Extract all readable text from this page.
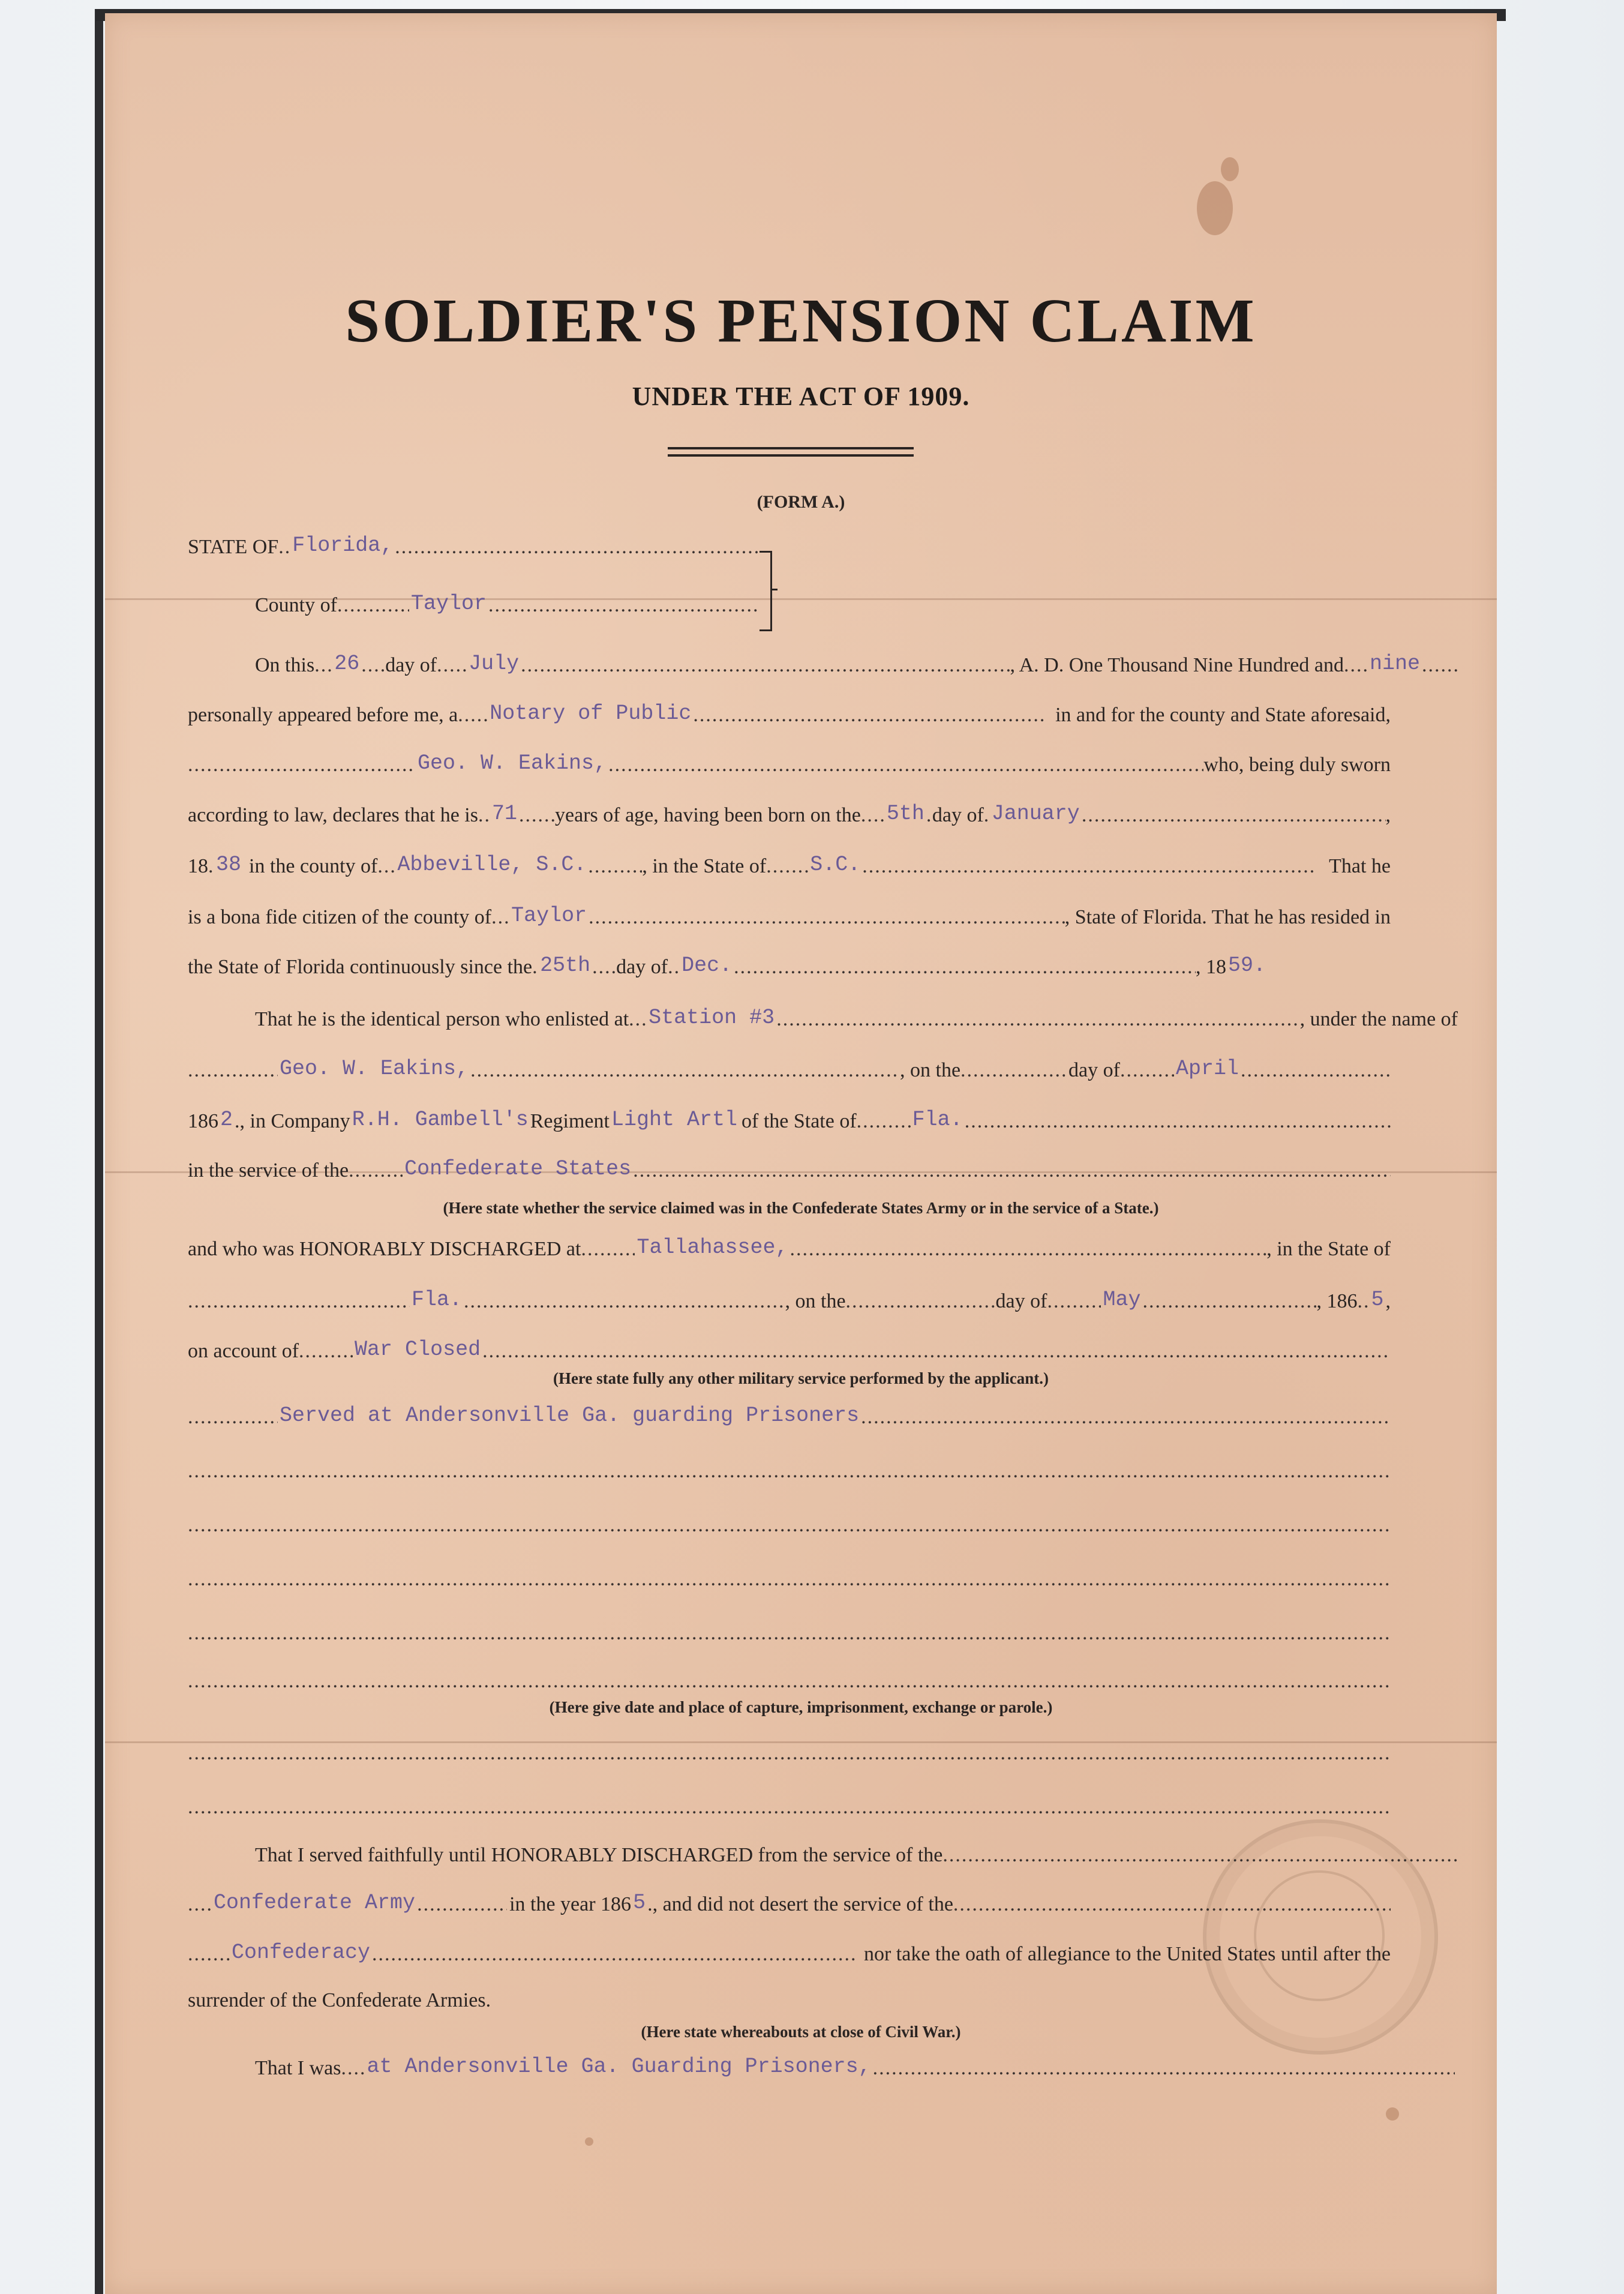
SOLDIER'S PENSION CLAIM
UNDER THE ACT OF 1909.
(FORM A.)
STATE OF ..... Florida,
.....
County of .....	Taylor
.....
On this ..... 26 ..... day of ..... July .....	, A. D. One Thousand Nine Hundred and ..... nine
.....
personally appeared before me, a ..... Notary of Public .....	in and for the county and State aforesaid,
.....
Geo. W. Eakins, .....	who, being duly sworn
according to law, declares that he is ..... 71 ..... years of age, having been born on the ..... 5th ..... day of ..... January .....	,
18 ..... 38 in the county of ..... Abbeville, S.C. .....	, in the State of ..... S.C. .....	That he
is a bona fide citizen of the county of ..... Taylor .....	, State of Florida. That he has resided in
the State of Florida continuously since the ..... 25th ..... day of ..... Dec. .....	, 18 59.
That he is the identical person who enlisted at ..... Station #3 .....	, under the name of
.....
Geo. W. Eakins, .....	, on the .....	day of .....	April
.....
186 2 ., in Company R.H. Gambell's Regiment Light Artl of the State of .....	Fla.
.....
in the service of the .....	Confederate States
.....
(Here state whether the service claimed was in the Confederate States Army or in the service of a State.)
and who was HONORABLY DISCHARGED at .....	Tallahassee, .....	, in the State of
.....
Fla. .....	, on the .....	day of .....	May .....	, 186 ..... 5 ,
on account of .....	War Closed
.....
(Here state fully any other military service performed by the applicant.)
.....
Served at Andersonville Ga. guarding Prisoners
.....
.....
.....
.....
.....
.....
(Here give date and place of capture, imprisonment, exchange or parole.)
.....
.....
That I served faithfully until HONORABLY DISCHARGED from the service of the
.....
.....
Confederate Army .....	in the year 186 5 ., and did not desert the service of the
.....
.....
Confederacy .....	nor take the oath of allegiance to the United States until after the
surrender of the Confederate Armies.
(Here state whereabouts at close of Civil War.)
That I was ..... at Andersonville Ga. Guarding Prisoners,
.....
